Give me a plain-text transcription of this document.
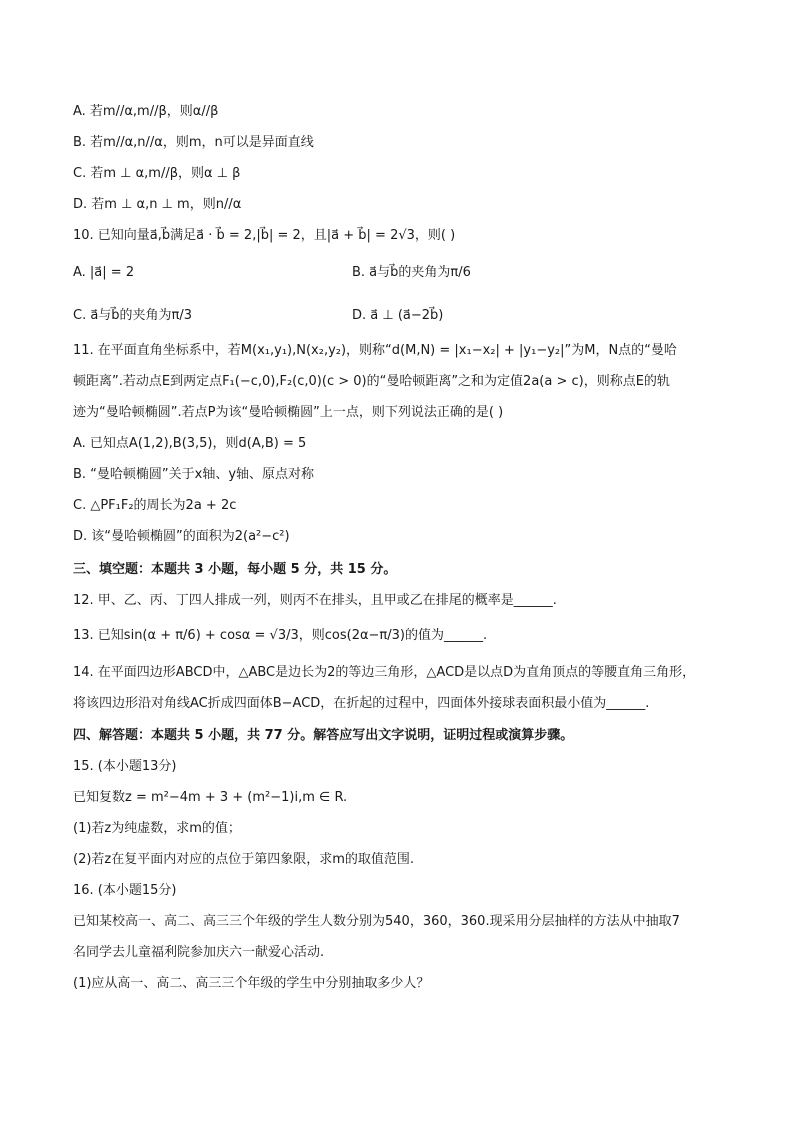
A. 若m//α,m//β，则α//β
B. 若m//α,n//α，则m，n可以是异面直线
C. 若m ⊥ α,m//β，则α ⊥ β
D. 若m ⊥ α,n ⊥ m，则n//α
10. 已知向量a⃗,b⃗满足a⃗ · b⃗ = 2,|b⃗| = 2，且|a⃗ + b⃗| = 2√3，则( )
A. |a⃗| = 2	B. a⃗与b⃗的夹角为π/6
C. a⃗与b⃗的夹角为π/3	D. a⃗ ⊥ (a⃗−2b⃗)
11. 在平面直角坐标系中，若M(x₁,y₁),N(x₂,y₂)，则称“d(M,N) = |x₁−x₂| + |y₁−y₂|”为M，N点的“曼哈
顿距离”.若动点E到两定点F₁(−c,0),F₂(c,0)(c > 0)的“曼哈顿距离”之和为定值2a(a > c)，则称点E的轨
迹为“曼哈顿椭圆”.若点P为该“曼哈顿椭圆”上一点，则下列说法正确的是( )
A. 已知点A(1,2),B(3,5)，则d(A,B) = 5
B. “曼哈顿椭圆”关于x轴、y轴、原点对称
C. △PF₁F₂的周长为2a + 2c
D. 该“曼哈顿椭圆”的面积为2(a²−c²)
三、填空题：本题共 3 小题，每小题 5 分，共 15 分。
12. 甲、乙、丙、丁四人排成一列，则丙不在排头，且甲或乙在排尾的概率是______.
13. 已知sin(α + π/6) + cosα = √3/3，则cos(2α−π/3)的值为______.
14. 在平面四边形ABCD中，△ABC是边长为2的等边三角形，△ACD是以点D为直角顶点的等腰直角三角形，
将该四边形沿对角线AC折成四面体B−ACD，在折起的过程中，四面体外接球表面积最小值为______.
四、解答题：本题共 5 小题，共 77 分。解答应写出文字说明，证明过程或演算步骤。
15. (本小题13分)
已知复数z = m²−4m + 3 + (m²−1)i,m ∈ R.
(1)若z为纯虚数，求m的值；
(2)若z在复平面内对应的点位于第四象限，求m的取值范围.
16. (本小题15分)
已知某校高一、高二、高三三个年级的学生人数分别为540，360，360.现采用分层抽样的方法从中抽取7
名同学去儿童福利院参加庆六一献爱心活动.
(1)应从高一、高二、高三三个年级的学生中分别抽取多少人？
